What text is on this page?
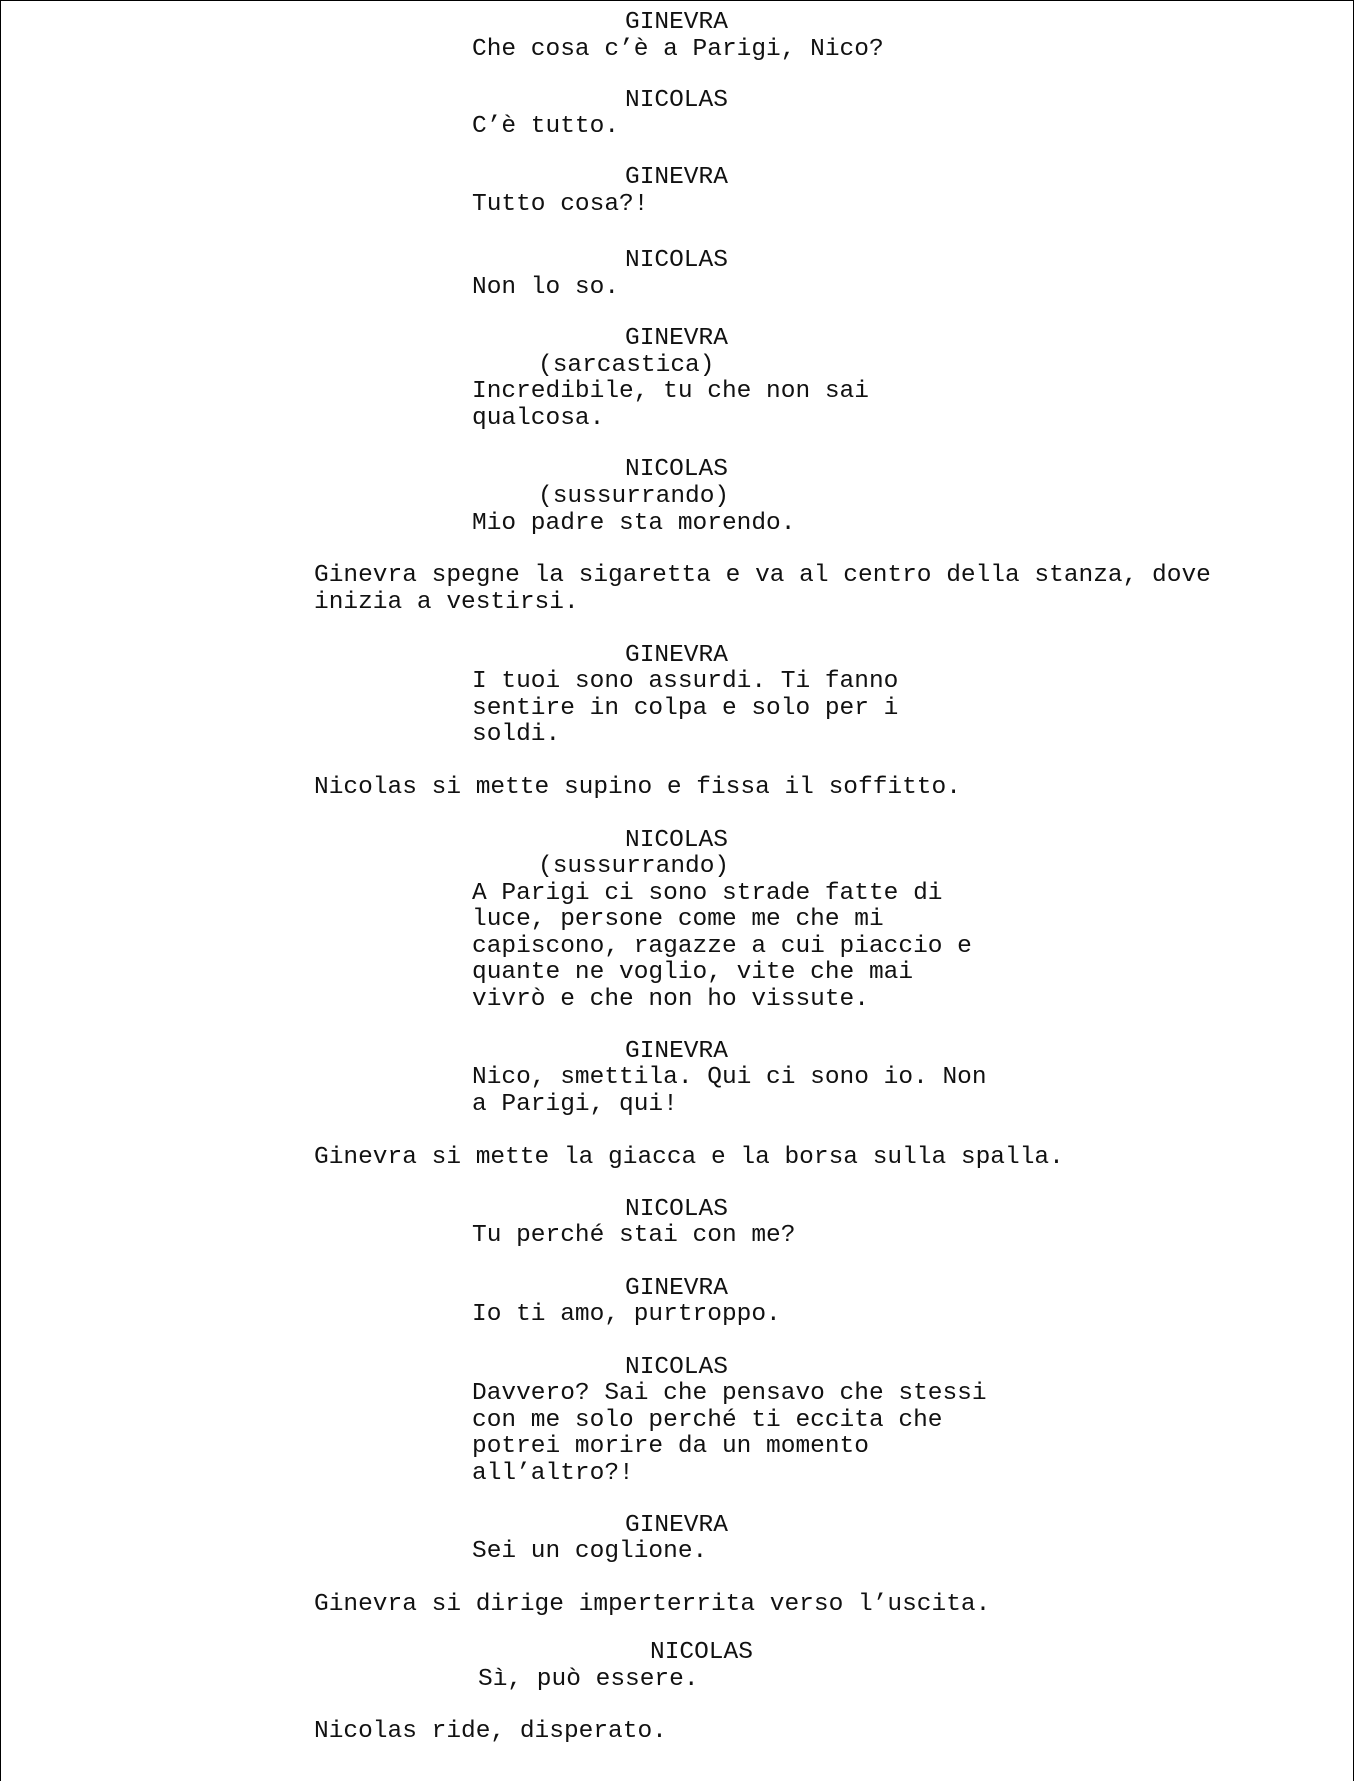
GINEVRA

Che cosa c’è a Parigi, Nico?

NICOLAS

C’è tutto.

GINEVRA

Tutto cosa?!

NICOLAS

Non lo so.

GINEVRA

(sarcastica)

Incredibile, tu che non sai

qualcosa.

NICOLAS

(sussurrando)

Mio padre sta morendo.

Ginevra spegne la sigaretta e va al centro della stanza, dove

inizia a vestirsi.

GINEVRA

I tuoi sono assurdi. Ti fanno

sentire in colpa e solo per i

soldi.

Nicolas si mette supino e fissa il soffitto.

NICOLAS

(sussurrando)

A Parigi ci sono strade fatte di

luce, persone come me che mi

capiscono, ragazze a cui piaccio e

quante ne voglio, vite che mai

vivrò e che non ho vissute.

GINEVRA

Nico, smettila. Qui ci sono io. Non

a Parigi, qui!

Ginevra si mette la giacca e la borsa sulla spalla.

NICOLAS

Tu perché stai con me?

GINEVRA

Io ti amo, purtroppo.

NICOLAS

Davvero? Sai che pensavo che stessi

con me solo perché ti eccita che

potrei morire da un momento

all’altro?!

GINEVRA

Sei un coglione.

Ginevra si dirige imperterrita verso l’uscita.

NICOLAS

Sì, può essere.

Nicolas ride, disperato.
